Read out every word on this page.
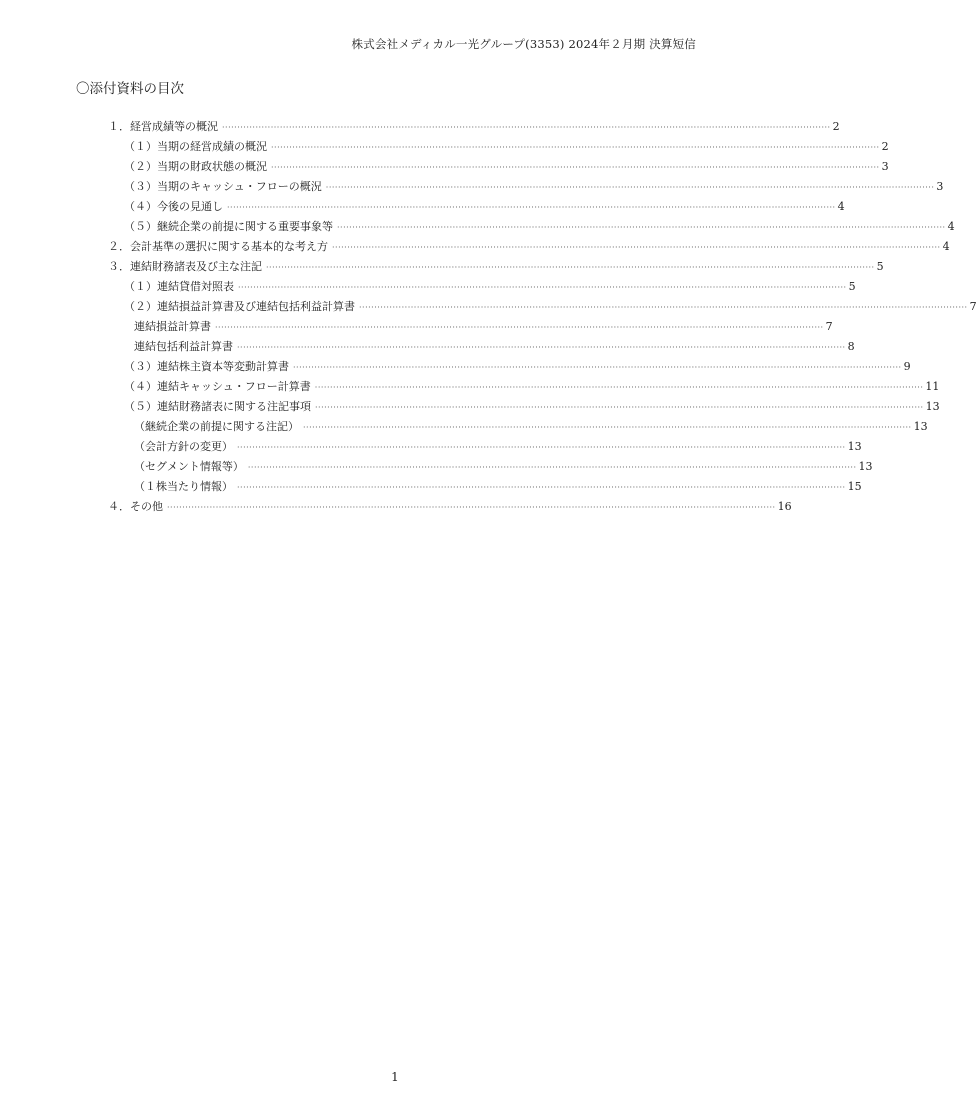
株式会社メディカル一光グループ(3353) 2024年２月期 決算短信
〇添付資料の目次
１．経営成績等の概況 ········································································································································································································ 2
（１）当期の経営成績の概況 ········································································································································································································ 2
（２）当期の財政状態の概況 ········································································································································································································ 3
（３）当期のキャッシュ・フローの概況 ········································································································································································································ 3
（４）今後の見通し ········································································································································································································ 4
（５）継続企業の前提に関する重要事象等 ········································································································································································································ 4
２．会計基準の選択に関する基本的な考え方 ········································································································································································································ 4
３．連結財務諸表及び主な注記 ········································································································································································································ 5
（１）連結貸借対照表 ········································································································································································································ 5
（２）連結損益計算書及び連結包括利益計算書 ········································································································································································································ 7
連結損益計算書 ········································································································································································································ 7
連結包括利益計算書 ········································································································································································································ 8
（３）連結株主資本等変動計算書 ········································································································································································································ 9
（４）連結キャッシュ・フロー計算書 ········································································································································································································ 11
（５）連結財務諸表に関する注記事項 ········································································································································································································ 13
（継続企業の前提に関する注記） ········································································································································································································ 13
（会計方針の変更） ········································································································································································································ 13
（セグメント情報等） ········································································································································································································ 13
（１株当たり情報） ········································································································································································································ 15
４．その他 ········································································································································································································ 16
1
